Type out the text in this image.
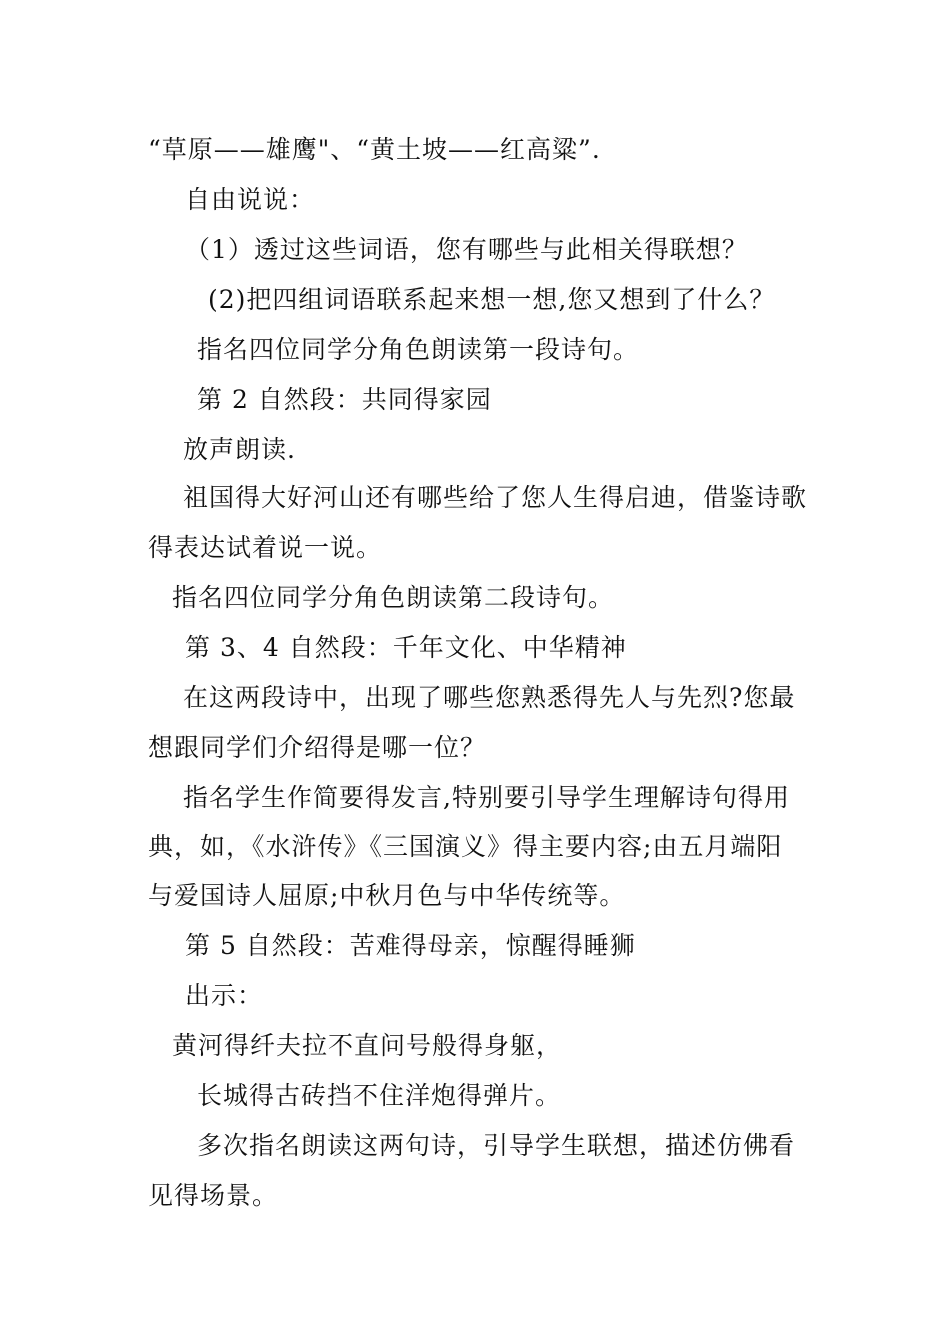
“草原——雄鹰"、“黄土坡——红高粱”.
自由说说：
（1）透过这些词语，您有哪些与此相关得联想？
(2)把四组词语联系起来想一想,您又想到了什么？
指名四位同学分角色朗读第一段诗句。
第 2 自然段：共同得家园
放声朗读.
祖国得大好河山还有哪些给了您人生得启迪，借鉴诗歌
得表达试着说一说。
指名四位同学分角色朗读第二段诗句。
第 3、4 自然段：千年文化、中华精神
在这两段诗中，出现了哪些您熟悉得先人与先烈?您最
想跟同学们介绍得是哪一位？
指名学生作简要得发言,特别要引导学生理解诗句得用
典，如，《水浒传》《三国演义》得主要内容;由五月端阳
与爱国诗人屈原;中秋月色与中华传统等。
第 5 自然段：苦难得母亲，惊醒得睡狮
出示：
黄河得纤夫拉不直问号般得身躯，
长城得古砖挡不住洋炮得弹片。
多次指名朗读这两句诗，引导学生联想，描述仿佛看
见得场景。
